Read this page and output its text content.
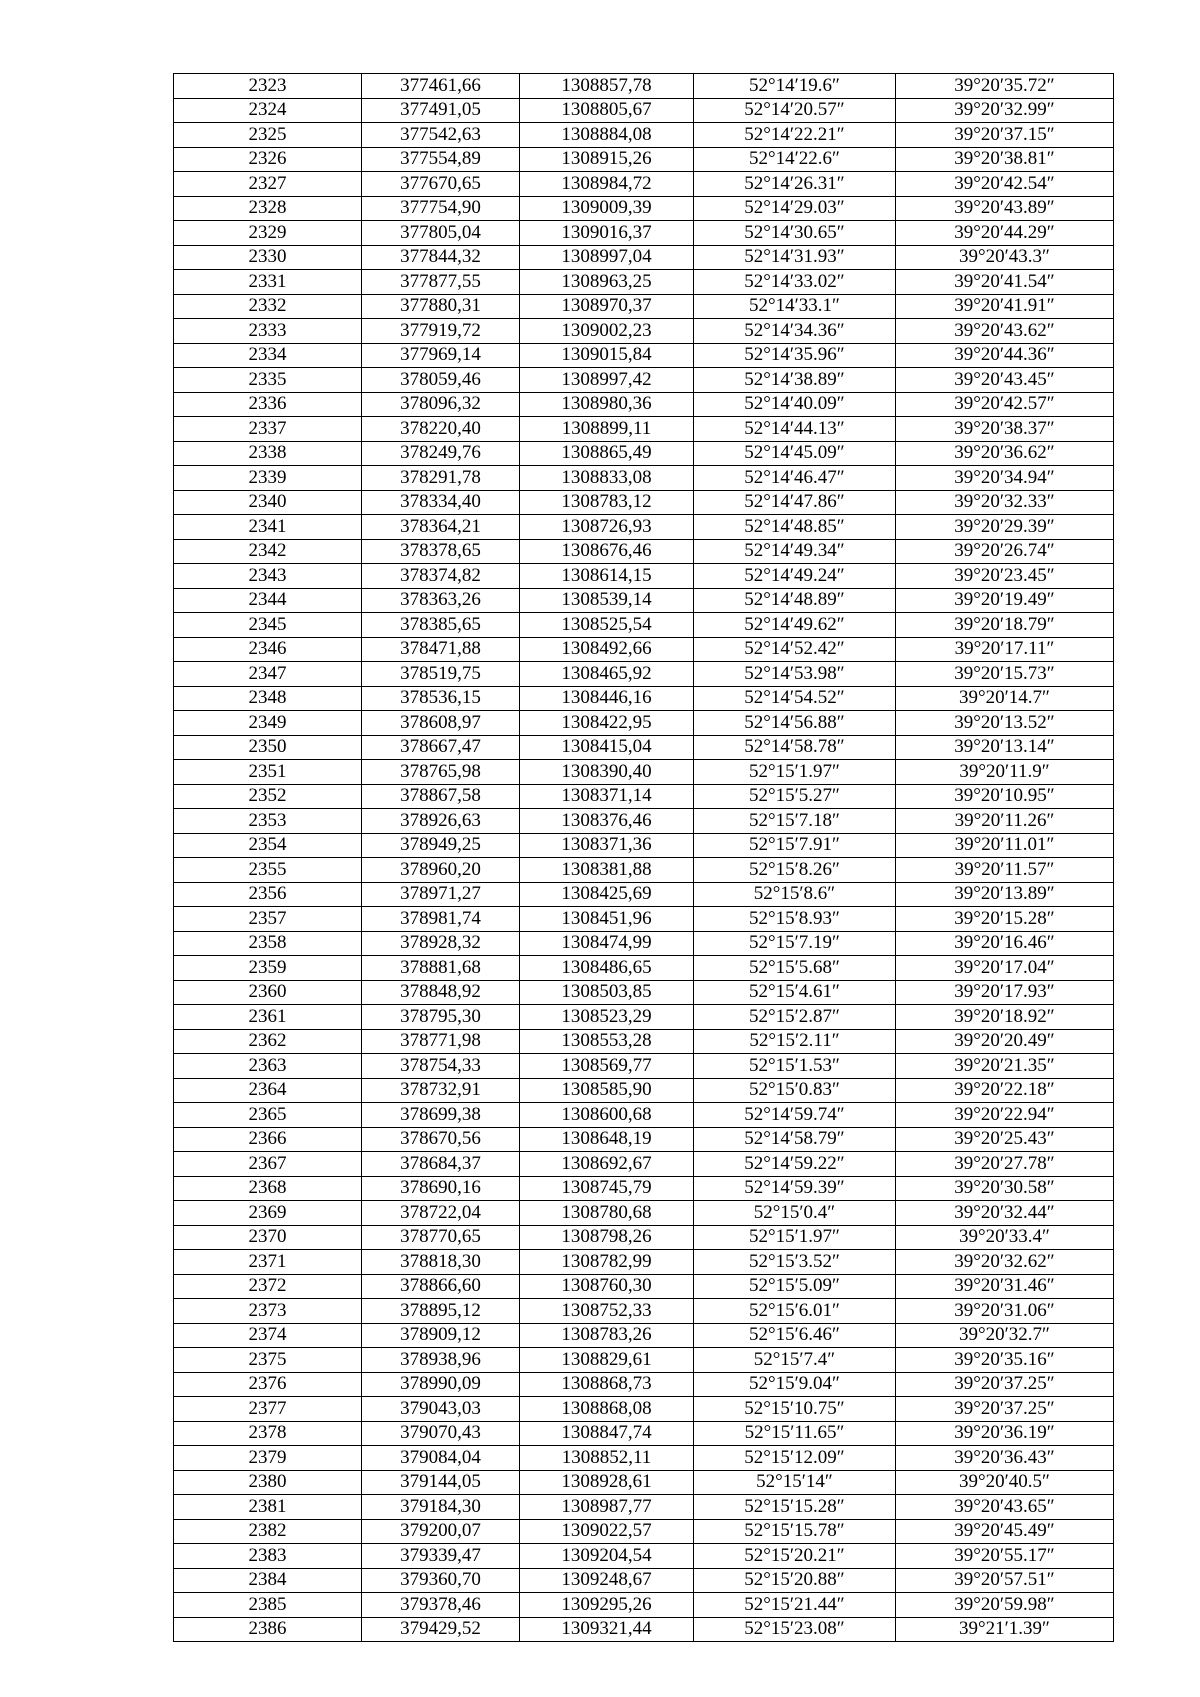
2323	377461,66	1308857,78	52°14′19.6″	39°20′35.72″
2324	377491,05	1308805,67	52°14′20.57″	39°20′32.99″
2325	377542,63	1308884,08	52°14′22.21″	39°20′37.15″
2326	377554,89	1308915,26	52°14′22.6″	39°20′38.81″
2327	377670,65	1308984,72	52°14′26.31″	39°20′42.54″
2328	377754,90	1309009,39	52°14′29.03″	39°20′43.89″
2329	377805,04	1309016,37	52°14′30.65″	39°20′44.29″
2330	377844,32	1308997,04	52°14′31.93″	39°20′43.3″
2331	377877,55	1308963,25	52°14′33.02″	39°20′41.54″
2332	377880,31	1308970,37	52°14′33.1″	39°20′41.91″
2333	377919,72	1309002,23	52°14′34.36″	39°20′43.62″
2334	377969,14	1309015,84	52°14′35.96″	39°20′44.36″
2335	378059,46	1308997,42	52°14′38.89″	39°20′43.45″
2336	378096,32	1308980,36	52°14′40.09″	39°20′42.57″
2337	378220,40	1308899,11	52°14′44.13″	39°20′38.37″
2338	378249,76	1308865,49	52°14′45.09″	39°20′36.62″
2339	378291,78	1308833,08	52°14′46.47″	39°20′34.94″
2340	378334,40	1308783,12	52°14′47.86″	39°20′32.33″
2341	378364,21	1308726,93	52°14′48.85″	39°20′29.39″
2342	378378,65	1308676,46	52°14′49.34″	39°20′26.74″
2343	378374,82	1308614,15	52°14′49.24″	39°20′23.45″
2344	378363,26	1308539,14	52°14′48.89″	39°20′19.49″
2345	378385,65	1308525,54	52°14′49.62″	39°20′18.79″
2346	378471,88	1308492,66	52°14′52.42″	39°20′17.11″
2347	378519,75	1308465,92	52°14′53.98″	39°20′15.73″
2348	378536,15	1308446,16	52°14′54.52″	39°20′14.7″
2349	378608,97	1308422,95	52°14′56.88″	39°20′13.52″
2350	378667,47	1308415,04	52°14′58.78″	39°20′13.14″
2351	378765,98	1308390,40	52°15′1.97″	39°20′11.9″
2352	378867,58	1308371,14	52°15′5.27″	39°20′10.95″
2353	378926,63	1308376,46	52°15′7.18″	39°20′11.26″
2354	378949,25	1308371,36	52°15′7.91″	39°20′11.01″
2355	378960,20	1308381,88	52°15′8.26″	39°20′11.57″
2356	378971,27	1308425,69	52°15′8.6″	39°20′13.89″
2357	378981,74	1308451,96	52°15′8.93″	39°20′15.28″
2358	378928,32	1308474,99	52°15′7.19″	39°20′16.46″
2359	378881,68	1308486,65	52°15′5.68″	39°20′17.04″
2360	378848,92	1308503,85	52°15′4.61″	39°20′17.93″
2361	378795,30	1308523,29	52°15′2.87″	39°20′18.92″
2362	378771,98	1308553,28	52°15′2.11″	39°20′20.49″
2363	378754,33	1308569,77	52°15′1.53″	39°20′21.35″
2364	378732,91	1308585,90	52°15′0.83″	39°20′22.18″
2365	378699,38	1308600,68	52°14′59.74″	39°20′22.94″
2366	378670,56	1308648,19	52°14′58.79″	39°20′25.43″
2367	378684,37	1308692,67	52°14′59.22″	39°20′27.78″
2368	378690,16	1308745,79	52°14′59.39″	39°20′30.58″
2369	378722,04	1308780,68	52°15′0.4″	39°20′32.44″
2370	378770,65	1308798,26	52°15′1.97″	39°20′33.4″
2371	378818,30	1308782,99	52°15′3.52″	39°20′32.62″
2372	378866,60	1308760,30	52°15′5.09″	39°20′31.46″
2373	378895,12	1308752,33	52°15′6.01″	39°20′31.06″
2374	378909,12	1308783,26	52°15′6.46″	39°20′32.7″
2375	378938,96	1308829,61	52°15′7.4″	39°20′35.16″
2376	378990,09	1308868,73	52°15′9.04″	39°20′37.25″
2377	379043,03	1308868,08	52°15′10.75″	39°20′37.25″
2378	379070,43	1308847,74	52°15′11.65″	39°20′36.19″
2379	379084,04	1308852,11	52°15′12.09″	39°20′36.43″
2380	379144,05	1308928,61	52°15′14″	39°20′40.5″
2381	379184,30	1308987,77	52°15′15.28″	39°20′43.65″
2382	379200,07	1309022,57	52°15′15.78″	39°20′45.49″
2383	379339,47	1309204,54	52°15′20.21″	39°20′55.17″
2384	379360,70	1309248,67	52°15′20.88″	39°20′57.51″
2385	379378,46	1309295,26	52°15′21.44″	39°20′59.98″
2386	379429,52	1309321,44	52°15′23.08″	39°21′1.39″
